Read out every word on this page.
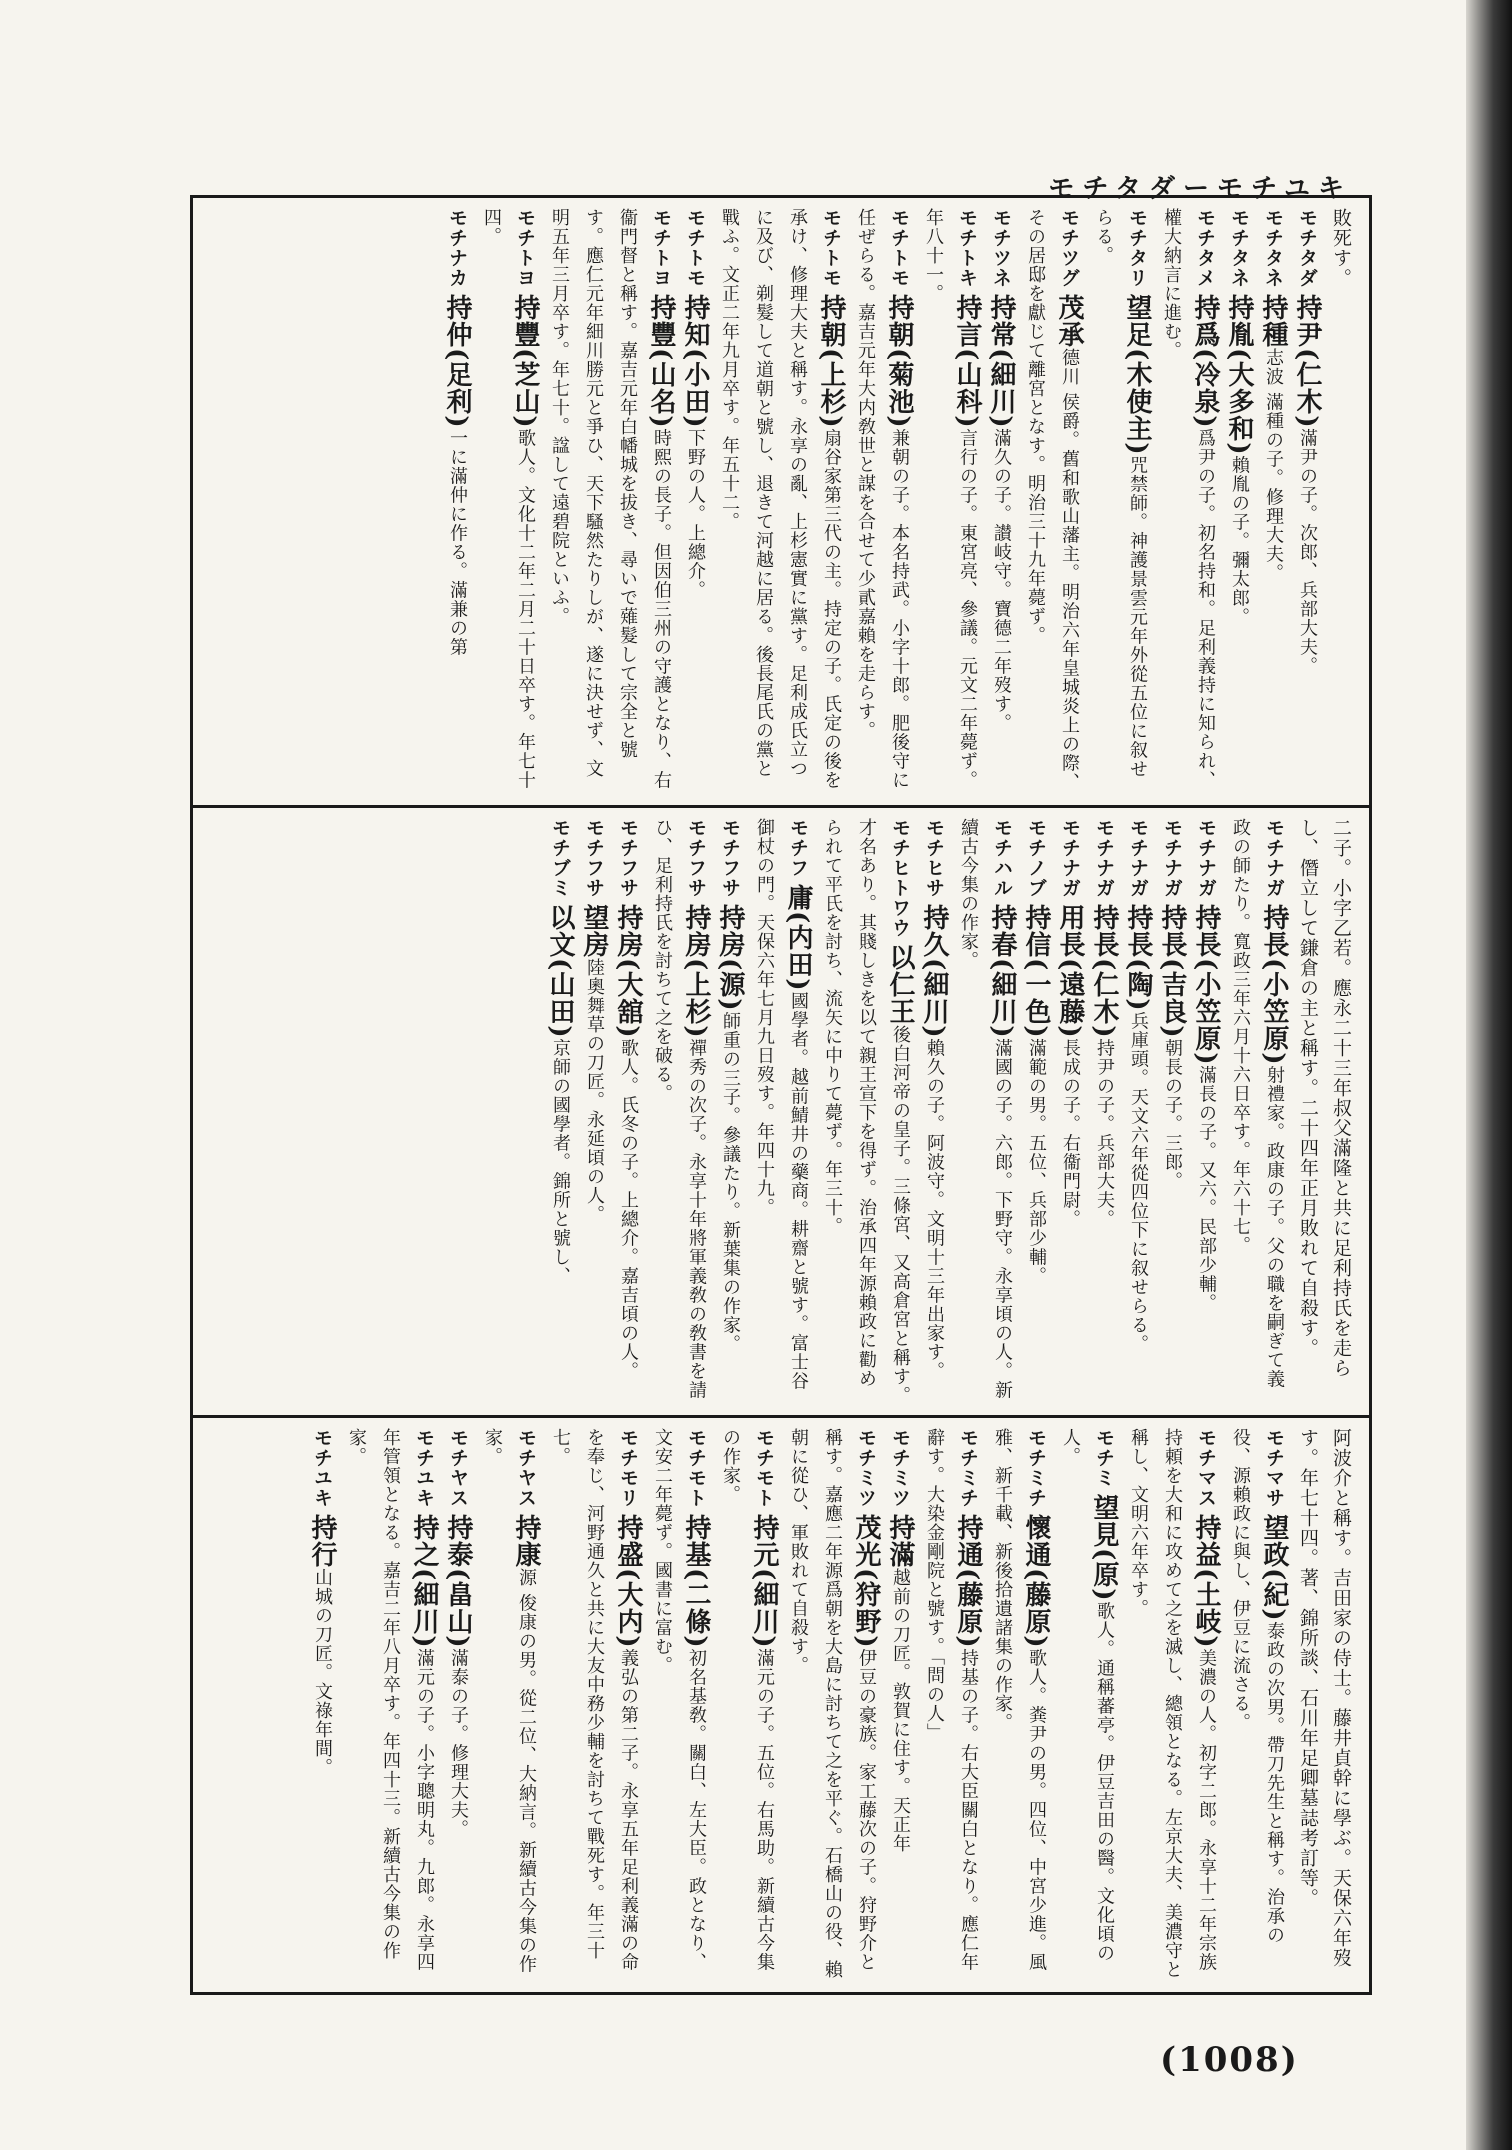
モチタダーモチユキ
敗死す。
モチタダ持尹(仁木)滿尹の子。次郎、兵部大夫。
モチタネ持種志波 滿種の子。修理大夫。
モチタネ持胤(大多和)賴胤の子。彌太郎。
モチタメ持爲(冷泉)爲尹の子。初名持和。足利義持に知られ、權大納言に進む。
モチタリ望足(木使主)咒禁師。神護景雲元年外從五位に叙せらる。
モチツグ茂承德川 侯爵。舊和歌山藩主。明治六年皇城炎上の際、その居邸を獻じて離宮となす。明治三十九年薨ず。
モチツネ持常(細川)滿久の子。讃岐守。寶德二年歿す。
モチトキ持言(山科)言行の子。東宮亮、參議。元文二年薨ず。年八十一。
モチトモ持朝(菊池)兼朝の子。本名持武。小字十郎。肥後守に任ぜらる。嘉吉元年大内敎世と謀を合せて少貳嘉賴を走らす。
モチトモ持朝(上杉)扇谷家第三代の主。持定の子。氏定の後を承け、修理大夫と稱す。永享の亂、上杉憲實に黨す。足利成氏立つに及び、剃髮して道朝と號し、退きて河越に居る。後長尾氏の黨と戰ふ。文正二年九月卒す。年五十二。
モチトモ持知(小田)下野の人。上總介。
モチトヨ持豐(山名)時熙の長子。但因伯三州の守護となり、右衞門督と稱す。嘉吉元年白幡城を拔き、尋いで薙髮して宗全と號す。應仁元年細川勝元と爭ひ、天下騷然たりしが、遂に決せず、文明五年三月卒す。年七十。諡して遠碧院といふ。
モチトヨ持豐(芝山)歌人。文化十二年二月二十日卒す。年七十四。
モチナカ持仲(足利)一に滿仲に作る。滿兼の第
二子。小字乙若。應永二十三年叔父滿隆と共に足利持氏を走らし、僭立して鎌倉の主と稱す。二十四年正月敗れて自殺す。
モチナガ持長(小笠原)射禮家。政康の子。父の職を嗣ぎて義政の師たり。寬政三年六月十六日卒す。年六十七。
モチナガ持長(小笠原)滿長の子。又六。民部少輔。
モチナガ持長(吉良)朝長の子。三郎。
モチナガ持長(陶)兵庫頭。天文六年從四位下に叙せらる。
モチナガ持長(仁木)持尹の子。兵部大夫。
モチナガ用長(遠藤)長成の子。右衞門尉。
モチノブ持信(一色)滿範の男。五位、兵部少輔。
モチハル持春(細川)滿國の子。六郎。下野守。永享頃の人。新續古今集の作家。
モチヒサ持久(細川)賴久の子。阿波守。文明十三年出家す。
モチヒトワウ以仁王後白河帝の皇子。三條宮、又高倉宮と稱す。才名あり。其賤しきを以て親王宣下を得ず。治承四年源賴政に勸められて平氏を討ち、流矢に中りて薨ず。年三十。
モチフ庸(内田)國學者。越前鯖井の藥商。耕齋と號す。富士谷御杖の門。天保六年七月九日歿す。年四十九。
モチフサ持房(源)師重の三子。參議たり。新葉集の作家。
モチフサ持房(上杉)禪秀の次子。永享十年將軍義敎の敎書を請ひ、足利持氏を討ちて之を破る。
モチフサ持房(大舘)歌人。氏冬の子。上總介。嘉吉頃の人。
モチフサ望房陸奧舞草の刀匠。永延頃の人。
モチブミ以文(山田)京師の國學者。錦所と號し、
阿波介と稱す。吉田家の侍士。藤井貞幹に學ぶ。天保六年歿す。年七十四。著、錦所談、石川年足卿墓誌考訂等。
モチマサ望政(紀)泰政の次男。帶刀先生と稱す。治承の役、源賴政に與し、伊豆に流さる。
モチマス持益(土岐)美濃の人。初字二郎。永享十二年宗族持頼を大和に攻めて之を滅し、總領となる。左京大夫、美濃守と稱し、文明六年卒す。
モチミ望見(原)歌人。通稱蕃亭。伊豆吉田の醫。文化頃の人。
モチミチ懷通(藤原)歌人。粪尹の男。四位、中宮少進。風雅、新千載、新後拾遺諸集の作家。
モチミチ持通(藤原)持基の子。右大臣關白となり。應仁年辭す。大染金剛院と號す。「問の人」
モチミツ持滿越前の刀匠。敦賀に住す。天正年
モチミツ茂光(狩野)伊豆の豪族。家工藤次の子。狩野介と稱す。嘉應二年源爲朝を大島に討ちて之を平ぐ。石橋山の役、賴朝に從ひ、軍敗れて自殺す。
モチモト持元(細川)滿元の子。五位。右馬助。新續古今集の作家。
モチモト持基(二條)初名基敎。關白、左大臣。政となり、文安二年薨ず。國書に富む。
モチモリ持盛(大内)義弘の第二子。永享五年足利義滿の命を奉じ、河野通久と共に大友中務少輔を討ちて戰死す。年三十七。
モチヤス持康源 俊康の男。從二位、大納言。新續古今集の作家。
モチヤス持泰(畠山)滿泰の子。修理大夫。
モチユキ持之(細川)滿元の子。小字聰明丸。九郎。永享四年管領となる。嘉吉二年八月卒す。年四十三。新續古今集の作家。
モチユキ持行山城の刀匠。文祿年間。
(1008)
